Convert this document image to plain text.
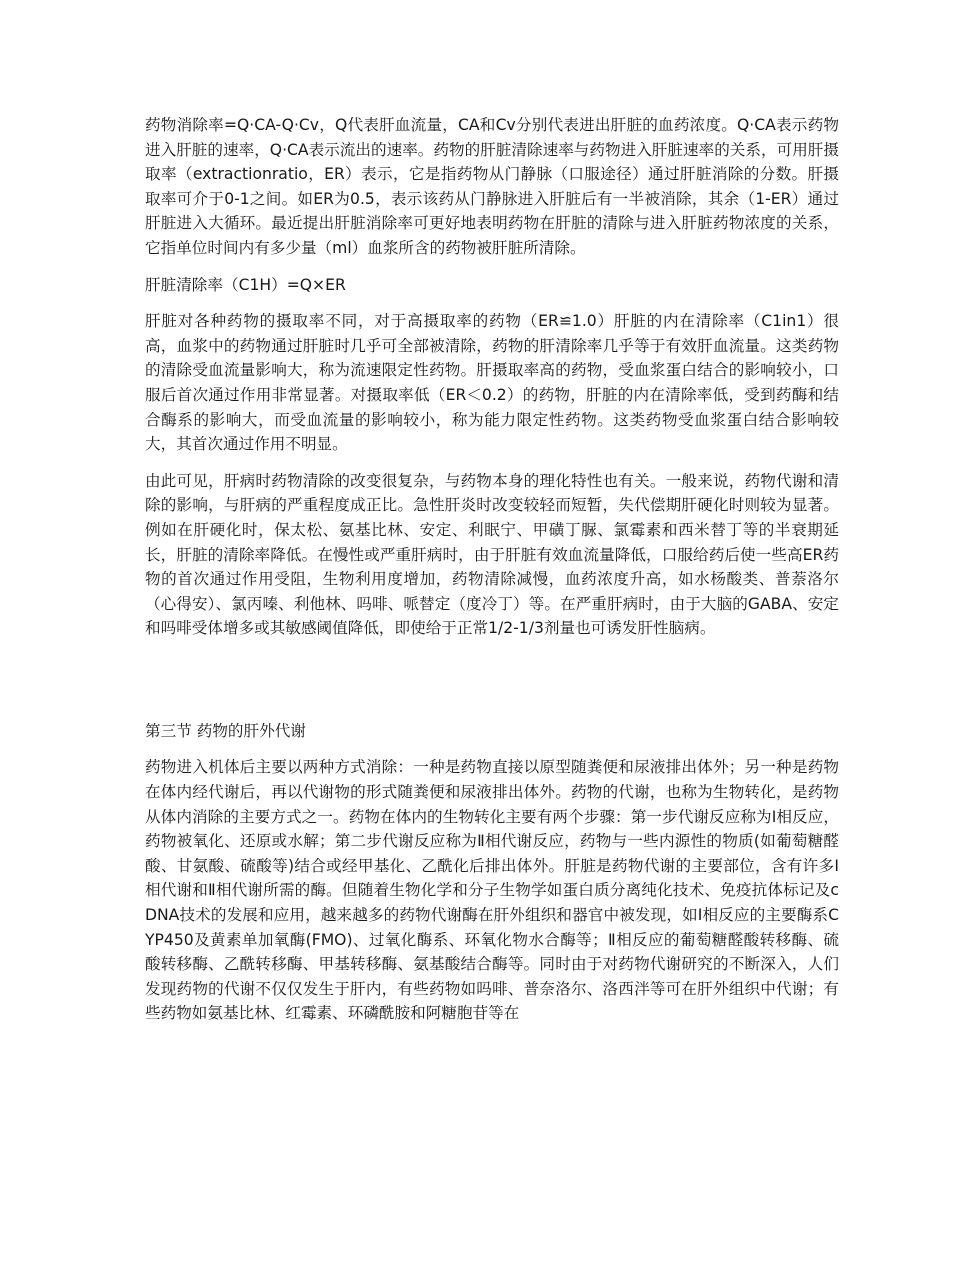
药物消除率=Q·CA-Q·Cv，Q代表肝血流量，CA和Cv分别代表进出肝脏的血药浓度。Q·CA表示药物进入肝脏的速率，Q·CA表示流出的速率。药物的肝脏清除速率与药物进入肝脏速率的关系，可用肝摄取率（extractionratio，ER）表示，它是指药物从门静脉（口服途径）通过肝脏消除的分数。肝摄取率可介于0-1之间。如ER为0.5，表示该药从门静脉进入肝脏后有一半被消除，其余（1-ER）通过肝脏进入大循环。最近提出肝脏消除率可更好地表明药物在肝脏的清除与进入肝脏药物浓度的关系，它指单位时间内有多少量（ml）血浆所含的药物被肝脏所清除。

肝脏清除率（C1H）=Q×ER

肝脏对各种药物的摄取率不同，对于高摄取率的药物（ER≌1.0）肝脏的内在清除率（C1in1）很高，血浆中的药物通过肝脏时几乎可全部被清除，药物的肝清除率几乎等于有效肝血流量。这类药物的清除受血流量影响大，称为流速限定性药物。肝摄取率高的药物，受血浆蛋白结合的影响较小，口服后首次通过作用非常显著。对摄取率低（ER＜0.2）的药物，肝脏的内在清除率低，受到药酶和结合酶系的影响大，而受血流量的影响较小，称为能力限定性药物。这类药物受血浆蛋白结合影响较大，其首次通过作用不明显。

由此可见，肝病时药物清除的改变很复杂，与药物本身的理化特性也有关。一般来说，药物代谢和清除的影响，与肝病的严重程度成正比。急性肝炎时改变较轻而短暂，失代偿期肝硬化时则较为显著。例如在肝硬化时，保太松、氨基比林、安定、利眠宁、甲磺丁脲、氯霉素和西米替丁等的半衰期延长，肝脏的清除率降低。在慢性或严重肝病时，由于肝脏有效血流量降低，口服给药后使一些高ER药物的首次通过作用受阻，生物利用度增加，药物清除减慢，血药浓度升高，如水杨酸类、普萘洛尔（心得安）、氯丙嗪、利他林、吗啡、哌替定（度冷丁）等。在严重肝病时，由于大脑的GABA、安定和吗啡受体增多或其敏感阈值降低，即使给于正常1/2-1/3剂量也可诱发肝性脑病。

第三节 药物的肝外代谢

药物进入机体后主要以两种方式消除：一种是药物直接以原型随粪便和尿液排出体外；另一种是药物在体内经代谢后，再以代谢物的形式随粪便和尿液排出体外。药物的代谢，也称为生物转化，是药物从体内消除的主要方式之一。药物在体内的生物转化主要有两个步骤：第一步代谢反应称为Ⅰ相反应，药物被氧化、还原或水解；第二步代谢反应称为Ⅱ相代谢反应，药物与一些内源性的物质(如葡萄糖醛酸、甘氨酸、硫酸等)结合或经甲基化、乙酰化后排出体外。肝脏是药物代谢的主要部位，含有许多Ⅰ相代谢和Ⅱ相代谢所需的酶。但随着生物化学和分子生物学如蛋白质分离纯化技术、免疫抗体标记及cDNA技术的发展和应用，越来越多的药物代谢酶在肝外组织和器官中被发现，如Ⅰ相反应的主要酶系CYP450及黄素单加氧酶(FMO)、过氧化酶系、环氧化物水合酶等；Ⅱ相反应的葡萄糖醛酸转移酶、硫酸转移酶、乙酰转移酶、甲基转移酶、氨基酸结合酶等。同时由于对药物代谢研究的不断深入，人们发现药物的代谢不仅仅发生于肝内，有些药物如吗啡、普奈洛尔、洛西泮等可在肝外组织中代谢；有些药物如氨基比林、红霉素、环磷酰胺和阿糖胞苷等在
